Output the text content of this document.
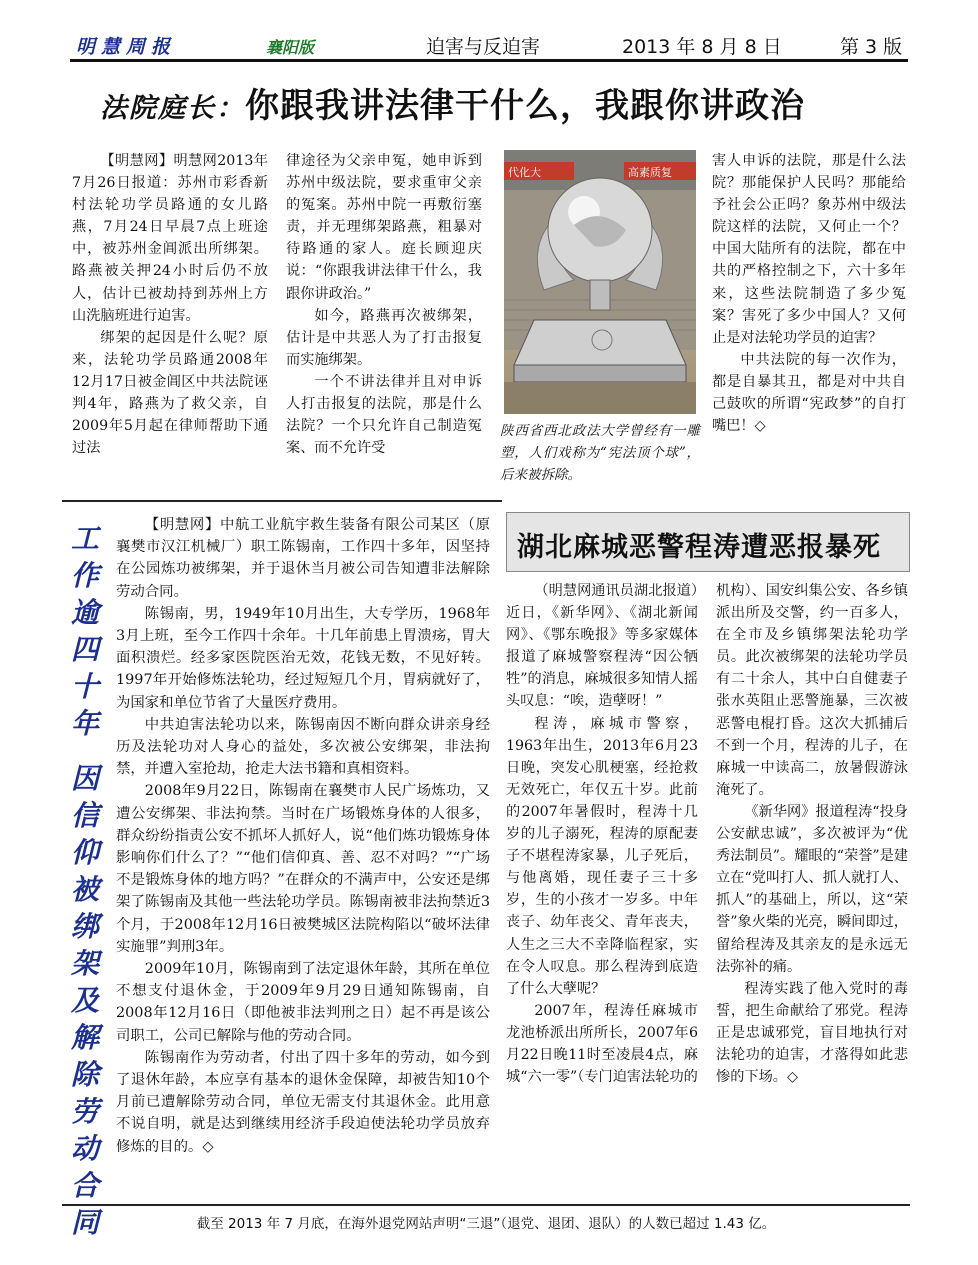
明慧周报	襄阳版	迫害与反迫害	2013 年 8 月 8 日	第 3 版
法院庭长：你跟我讲法律干什么，我跟你讲政治

【明慧网】明慧网2013年7月26日报道：苏州市彩香新村法轮功学员路通的女儿路燕，7月24日早晨7点上班途中，被苏州金阊派出所绑架。路燕被关押24小时后仍不放人，估计已被劫持到苏州上方山洗脑班进行迫害。

绑架的起因是什么呢？原来，法轮功学员路通2008年12月17日被金阊区中共法院诬判4年，路燕为了救父亲，自2009年5月起在律师帮助下通过法

律途径为父亲申冤，她申诉到苏州中级法院，要求重审父亲的冤案。苏州中院一再敷衍塞责，并无理绑架路燕，粗暴对待路通的家人。庭长顾迎庆说：“你跟我讲法律干什么，我跟你讲政治。”

如今，路燕再次被绑架，估计是中共恶人为了打击报复而实施绑架。

一个不讲法律并且对申诉人打击报复的法院，那是什么法院？一个只允许自己制造冤案、而不允许受

代化大	高素质复
陕西省西北政法大学曾经有一雕塑，人们戏称为“宪法顶个球”，后来被拆除。

害人申诉的法院，那是什么法院？那能保护人民吗？那能给予社会公正吗？象苏州中级法院这样的法院，又何止一个？中国大陆所有的法院，都在中共的严格控制之下，六十多年来，这些法院制造了多少冤案？害死了多少中国人？又何止是对法轮功学员的迫害？

中共法院的每一次作为，都是自暴其丑，都是对中共自己鼓吹的所谓“宪政梦”的自打嘴巴！◇

工
作
逾
四
十
年
因
信
仰
被
绑
架
及
解
除
劳
动
合
同

【明慧网】中航工业航宇救生装备有限公司某区（原襄樊市汉江机械厂）职工陈锡南，工作四十多年，因坚持在公园炼功被绑架，并于退休当月被公司告知遭非法解除劳动合同。

陈锡南，男，1949年10月出生，大专学历，1968年3月上班，至今工作四十余年。十几年前患上胃溃疡，胃大面积溃烂。经多家医院医治无效，花钱无数，不见好转。1997年开始修炼法轮功，经过短短几个月，胃病就好了，为国家和单位节省了大量医疗费用。

中共迫害法轮功以来，陈锡南因不断向群众讲亲身经历及法轮功对人身心的益处，多次被公安绑架，非法拘禁，并遭入室抢劫，抢走大法书籍和真相资料。

2008年9月22日，陈锡南在襄樊市人民广场炼功，又遭公安绑架、非法拘禁。当时在广场锻炼身体的人很多，群众纷纷指责公安不抓坏人抓好人，说“他们炼功锻炼身体影响你们什么了？”“他们信仰真、善、忍不对吗？”“广场不是锻炼身体的地方吗？”在群众的不满声中，公安还是绑架了陈锡南及其他一些法轮功学员。陈锡南被非法拘禁近3个月，于2008年12月16日被樊城区法院构陷以“破坏法律实施罪”判刑3年。

2009年10月，陈锡南到了法定退休年龄，其所在单位不想支付退休金，于2009年9月29日通知陈锡南，自2008年12月16日（即他被非法判刑之日）起不再是该公司职工，公司已解除与他的劳动合同。

陈锡南作为劳动者，付出了四十多年的劳动，如今到了退休年龄，本应享有基本的退休金保障，却被告知10个月前已遭解除劳动合同，单位无需支付其退休金。此用意不说自明，就是达到继续用经济手段迫使法轮功学员放弃修炼的目的。◇

湖北麻城恶警程涛遭恶报暴死

（明慧网通讯员湖北报道）近日，《新华网》、《湖北新闻网》、《鄂东晚报》等多家媒体报道了麻城警察程涛“因公牺牲”的消息，麻城很多知情人摇头叹息：“唉，造孽呀！”

程涛，麻城市警察，1963年出生，2013年6月23日晚，突发心肌梗塞，经抢救无效死亡，年仅五十岁。此前的2007年暑假时，程涛十几岁的儿子溺死，程涛的原配妻子不堪程涛家暴，儿子死后，与他离婚，现任妻子三十多岁，生的小孩才一岁多。中年丧子、幼年丧父、青年丧夫，人生之三大不幸降临程家，实在令人叹息。那么程涛到底造了什么大孽呢？

2007年，程涛任麻城市龙池桥派出所所长，2007年6月22日晚11时至凌晨4点，麻城“六一零”（专门迫害法轮功的

机构）、国安纠集公安、各乡镇派出所及交警，约一百多人，在全市及乡镇绑架法轮功学员。此次被绑架的法轮功学员有二十余人，其中白自健妻子张水英阻止恶警施暴，三次被恶警电棍打昏。这次大抓捕后不到一个月，程涛的儿子，在麻城一中读高二，放暑假游泳淹死了。

《新华网》报道程涛“投身公安献忠诚”，多次被评为“优秀法制员”。耀眼的“荣誉”是建立在“党叫打人、抓人就打人、抓人”的基础上，所以，这“荣誉”象火柴的光亮，瞬间即过，留给程涛及其亲友的是永远无法弥补的痛。

程涛实践了他入党时的毒誓，把生命献给了邪党。程涛正是忠诚邪党，盲目地执行对法轮功的迫害，才落得如此悲惨的下场。◇

截至 2013 年 7 月底，在海外退党网站声明“三退”（退党、退团、退队）的人数已超过 1.43 亿。
